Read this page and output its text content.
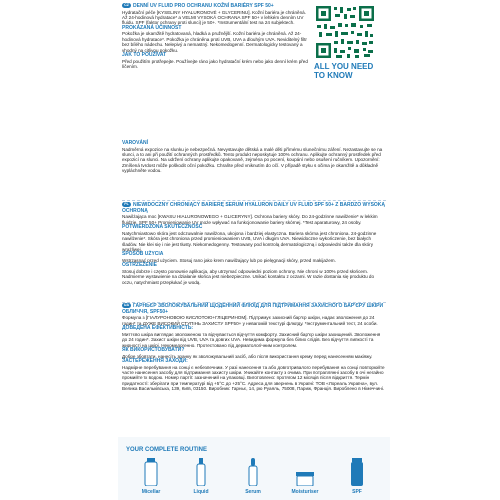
CZ DENNÍ UV FLUID PRO OCHRANU KOŽNÍ BARIÉRY SPF 50+
Hydratační péče [KYSELINY HYALURONOVÉ + GLYCERINU]. Kožní bariéra je chráněná. Až 24-hodinová hydratace* a VELMI VYSOKÁ OCHRANA SPF 50+ v lehkém denním UV fluidu. SPF (faktor ochrany proti slunci) je 50+. *Instrumentální test na 24 subjektech.
PROKÁZANÁ ÚČINNOST
Pokožka je okamžitě hydratovaná, hladká a pružnější. Kožní bariéra je chráněná. Až 24-hodinová hydratace*. Pokožka je chráněna proti UVB, UVA a dlouhým UVA. Neviditelný filtr bez bílého nádechu. Nelepivý a nemastný. Nekomedogenní. Dermatologicky testovaný a vhodný na citlivou pokožku.
JAK TO POUŽÍVAT
Před použitím protřepejte. Používejte ráno jako hydratační krém nebo jako denní krém před líčením.
VAROVÁNÍ
Nadměrná expozice na slunku je nebezpečná. Nevystavujte dětská a malé děti přímému slunečnímu záření. Nezastavujte se na slunci, a to ani při použití ochranných prostředků. Tento produkt neposkytuje 100% ochranu. Aplikujte ochranný prostředek před expozicí na slunci. Na udržení ochrany aplikujte opakovaně, zejména po pocení, koupání nebo osušení ručníkem. Upozornění: Zmíšená tvrdost může poškodit oční pokožku. Chraňte před vniknutím do očí. V případě styku s očima je okamžitě a důkladně vypláchněte vodou.
ALL YOU NEED TO KNOW
PL NIEWIDOCZNY CHRONIĄCY BARIERĘ SERUM HYALURON DAILY UV FLUID SPF 50+ Z BARDZO WYSOKĄ OCHRONĄ
Nawilżająca moc [KWASU HIALURONOWEGO + GLICERYNY]. Ochrona bariery skóry. Do 24-godzinne nawilżenie* w lekkim fluidzie. SPF 50+ Promieniowanie UV może wpływać na funkcjonowanie bariery skórnej. *Test aparaturowy, 24 osoby.
POTWIERDZONA SKUTECZNOŚĆ
Natychmiastowo skóra jest odczuwalnie nawilżona, ukojona i bardziej elastyczna. Bariera skórna jest chroniona. 24-godzinne nawilżenie*. Skóra jest chroniona przed promieniowaniem UVB, UVA i długim UVA. Niewidoczne wykończenie, bez białych śladów. Nie klei się i nie jest tłusty. Niekomedogenny. Testowany pod kontrolą dermatologiczną i odpowiedni także dla skóry wrażliwej.
SPOSÓB UŻYCIA
Wstrząsnąć przed użyciem. Stosuj rano jako krem nawilżający lub po pielęgnacji skóry, przed makijażem.
OSTRZEŻENIE
Stosuj dobrze i często ponownie aplikacja, aby utrzymać odpowiedni poziom ochrony. Nie chroni w 100% przed słońcem. Nadmierne wystawienie na działanie słońca jest niebezpieczne. Unikać kontaktu z oczami. W razie dostania się produktu do oczu, natychmiast przepłukać je wodą.
UA ГАРНЬЄР ЗВОЛОЖУВАЛЬНИЙ ЩОДЕННИЙ ФЛЮЇД ДЛЯ ПІДТРИМАННЯ ЗАХИСНОГО БАР'ЄРУ ШКІРИ ОБЛИЧЧЯ, SPF50+
Формула з [ГІАЛУРОНОВОЮ КИСЛОТОЮ+ГЛІЦЕРИНОМ]. Підтримує захисний бар'єр шкіри, надає зволоження до 24 годин* та ДУЖЕ ВИСОКИЙ СТУПІНЬ ЗАХИСТУ SPF50+ у невагомій текстурі флюїду. *Інструментальний тест, 24 особи.
ДОВЕДЕНА ЕФЕКТИВНІСТЬ:
Миттєво шкіра виглядає зволоженою та відчувається відчуття комфорту. Захисний бар'єр шкіри захищений. Зволоження до 24 годин*. Захист шкіри від UVB, UVA та довгих UVA. Невидима формула без білих слідів. Без відчуття липкості та жирності на шкірі. Некомедогенно. Протестовано під дерматологічним контролем.
ЯК ВИКОРИСТОВУВАТИ?
Добре збовтати, нанесіть зранку як зволожувальний засіб, або після використання крему перед нанесенням макіяжу.
ЗАСТЕРЕЖЕННЯ ЗАХОДИ:
Надмірне перебування на сонці є небезпечним. У разі нанесення та або довготривалого перебування на сонці повторюйте часте нанесення засобу для підтримання захисту шкіри. Уникайте контакту з очима. При потраплянні засобу в очі негайно промийте їх водою. Номер партії: зазначений на упаковці. Виготовлено: протягом 12 місяців після відкриття. Термін придатності: зберігати при температурі від +5°C до +25°C. Адреса для звернень в Україні: ТОВ «Лореаль Україна», вул. Велика Васильківська, 139, Київ, 03150. Виробник: Гарньє, 14, рю Руаяль, 75008, Париж, Франція. Вироблено в Німеччині.
YOUR COMPLETE ROUTINE
Micellar	Liquid	Serum	Moisturiser	SPF
